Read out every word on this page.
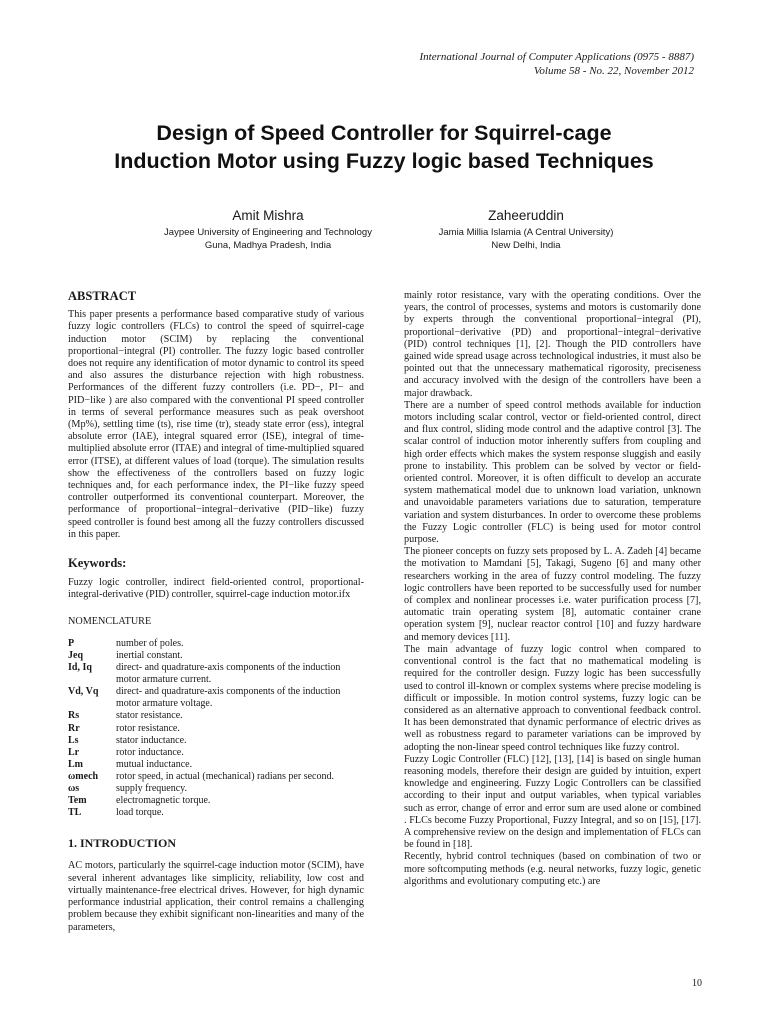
International Journal of Computer Applications (0975 - 8887)
Volume 58 - No. 22, November 2012
Design of Speed Controller for Squirrel-cage
Induction Motor using Fuzzy logic based Techniques
Amit Mishra
Jaypee University of Engineering and Technology
Guna, Madhya Pradesh, India
Zaheeruddin
Jamia Millia Islamia (A Central University)
New Delhi, India
ABSTRACT

This paper presents a performance based comparative study of various fuzzy logic controllers (FLCs) to control the speed of squirrel-cage induction motor (SCIM) by replacing the conventional proportional−integral (PI) controller. The fuzzy logic based controller does not require any identification of motor dynamic to control its speed and also assures the disturbance rejection with high robustness. Performances of the different fuzzy controllers (i.e. PD−, PI− and PID−like ) are also compared with the conventional PI speed controller in terms of several performance measures such as peak overshoot (Mp%), settling time (ts), rise time (tr), steady state error (ess), integral absolute error (IAE), integral squared error (ISE), integral of time-multiplied absolute error (ITAE) and integral of time-multiplied squared error (ITSE), at different values of load (torque). The simulation results show the effectiveness of the controllers based on fuzzy logic techniques and, for each performance index, the PI−like fuzzy speed controller outperformed its conventional counterpart. Moreover, the performance of proportional−integral−derivative (PID−like) fuzzy speed controller is found best among all the fuzzy controllers discussed in this paper.

Keywords:

Fuzzy logic controller, indirect field-oriented control, proportional-integral-derivative (PID) controller, squirrel-cage induction motor.ifx

NOMENCLATURE
P	number of poles.
Jeq	inertial constant.
Id, Iq	direct- and quadrature-axis components of the induction motor armature current.
Vd, Vq	direct- and quadrature-axis components of the induction motor armature voltage.
Rs	stator resistance.
Rr	rotor resistance.
Ls	stator inductance.
Lr	rotor inductance.
Lm	mutual inductance.
ωmech	rotor speed, in actual (mechanical) radians per second.
ωs	supply frequency.
Tem	electromagnetic torque.
TL	load torque.
1. INTRODUCTION

AC motors, particularly the squirrel-cage induction motor (SCIM), have several inherent advantages like simplicity, reliability, low cost and virtually maintenance-free electrical drives. However, for high dynamic performance industrial application, their control remains a challenging problem because they exhibit significant non-linearities and many of the parameters,

mainly rotor resistance, vary with the operating conditions. Over the years, the control of processes, systems and motors is customarily done by experts through the conventional proportional−integral (PI), proportional−derivative (PD) and proportional−integral−derivative (PID) control techniques [1], [2]. Though the PID controllers have gained wide spread usage across technological industries, it must also be pointed out that the unnecessary mathematical rigorosity, preciseness and accuracy involved with the design of the controllers have been a major drawback.

There are a number of speed control methods available for induction motors including scalar control, vector or field-oriented control, direct and flux control, sliding mode control and the adaptive control [3]. The scalar control of induction motor inherently suffers from coupling and high order effects which makes the system response sluggish and easily prone to instability. This problem can be solved by vector or field-oriented control. Moreover, it is often difficult to develop an accurate system mathematical model due to unknown load variation, unknown and unavoidable parameters variations due to saturation, temperature variation and system disturbances. In order to overcome these problems the Fuzzy Logic controller (FLC) is being used for motor control purpose.

The pioneer concepts on fuzzy sets proposed by L. A. Zadeh [4] became the motivation to Mamdani [5], Takagi, Sugeno [6] and many other researchers working in the area of fuzzy control modeling. The fuzzy logic controllers have been reported to be successfully used for number of complex and nonlinear processes i.e. water purification process [7], automatic train operating system [8], automatic container crane operation system [9], nuclear reactor control [10] and fuzzy hardware and memory devices [11].

The main advantage of fuzzy logic control when compared to conventional control is the fact that no mathematical modeling is required for the controller design. Fuzzy logic has been successfully used to control ill-known or complex systems where precise modeling is difficult or impossible. In motion control systems, fuzzy logic can be considered as an alternative approach to conventional feedback control. It has been demonstrated that dynamic performance of electric drives as well as robustness regard to parameter variations can be improved by adopting the non-linear speed control techniques like fuzzy control.

Fuzzy Logic Controller (FLC) [12], [13], [14] is based on single human reasoning models, therefore their design are guided by intuition, expert knowledge and engineering. Fuzzy Logic Controllers can be classified according to their input and output variables, when typical variables such as error, change of error and error sum are used alone or combined . FLCs become Fuzzy Proportional, Fuzzy Integral, and so on [15], [17]. A comprehensive review on the design and implementation of FLCs can be found in [18].

Recently, hybrid control techniques (based on combination of two or more softcomputing methods (e.g. neural networks, fuzzy logic, genetic algorithms and evolutionary computing etc.) are

10
